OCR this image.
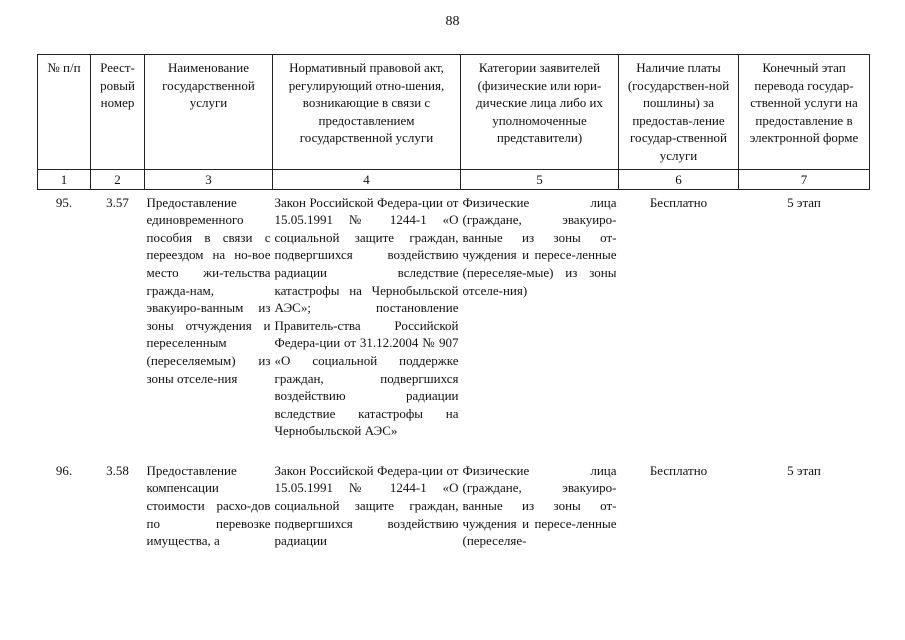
88
№ п/п	Реест-ровый номер	Наименование государственной услуги	Нормативный правовой акт, регулирующий отно-шения, возникающие в связи с предоставлением государственной услуги	Категории заявителей (физические или юри-дические лица либо их уполномоченные представители)	Наличие платы (государствен-ной пошлины) за предостав-ление государ-ственной услуги	Конечный этап перевода государ-ственной услуги на предоставление в электронной форме
1	2	3	4	5	6	7
95.	3.57	Предоставление единовременного пособия в связи с переездом на но-вое место жи-тельства гражда-нам, эвакуиро-ванным из зоны отчуждения и переселенным (переселяемым) из зоны отселе-ния	Закон Российской Федера-ции от 15.05.1991 № 1244-1 «О социальной защите граждан, подвергшихся воздействию радиации вследствие катастрофы на Чернобыльской АЭС»; постановление Правитель-ства Российской Федера-ции от 31.12.2004 № 907 «О социальной поддержке граждан, подвергшихся воздействию радиации вследствие катастрофы на Чернобыльской АЭС»	Физические лица (граждане, эвакуиро-ванные из зоны от-чуждения и пересе-ленные (переселяе-мые) из зоны отселе-ния)	Бесплатно	5 этап

96.	3.58	Предоставление компенсации стоимости расхо-дов по перевозке имущества, а	Закон Российской Федера-ции от 15.05.1991 № 1244-1 «О социальной защите граждан, подвергшихся воздействию радиации	Физические лица (граждане, эвакуиро-ванные из зоны от-чуждения и пересе-ленные (переселяе-	Бесплатно	5 этап
